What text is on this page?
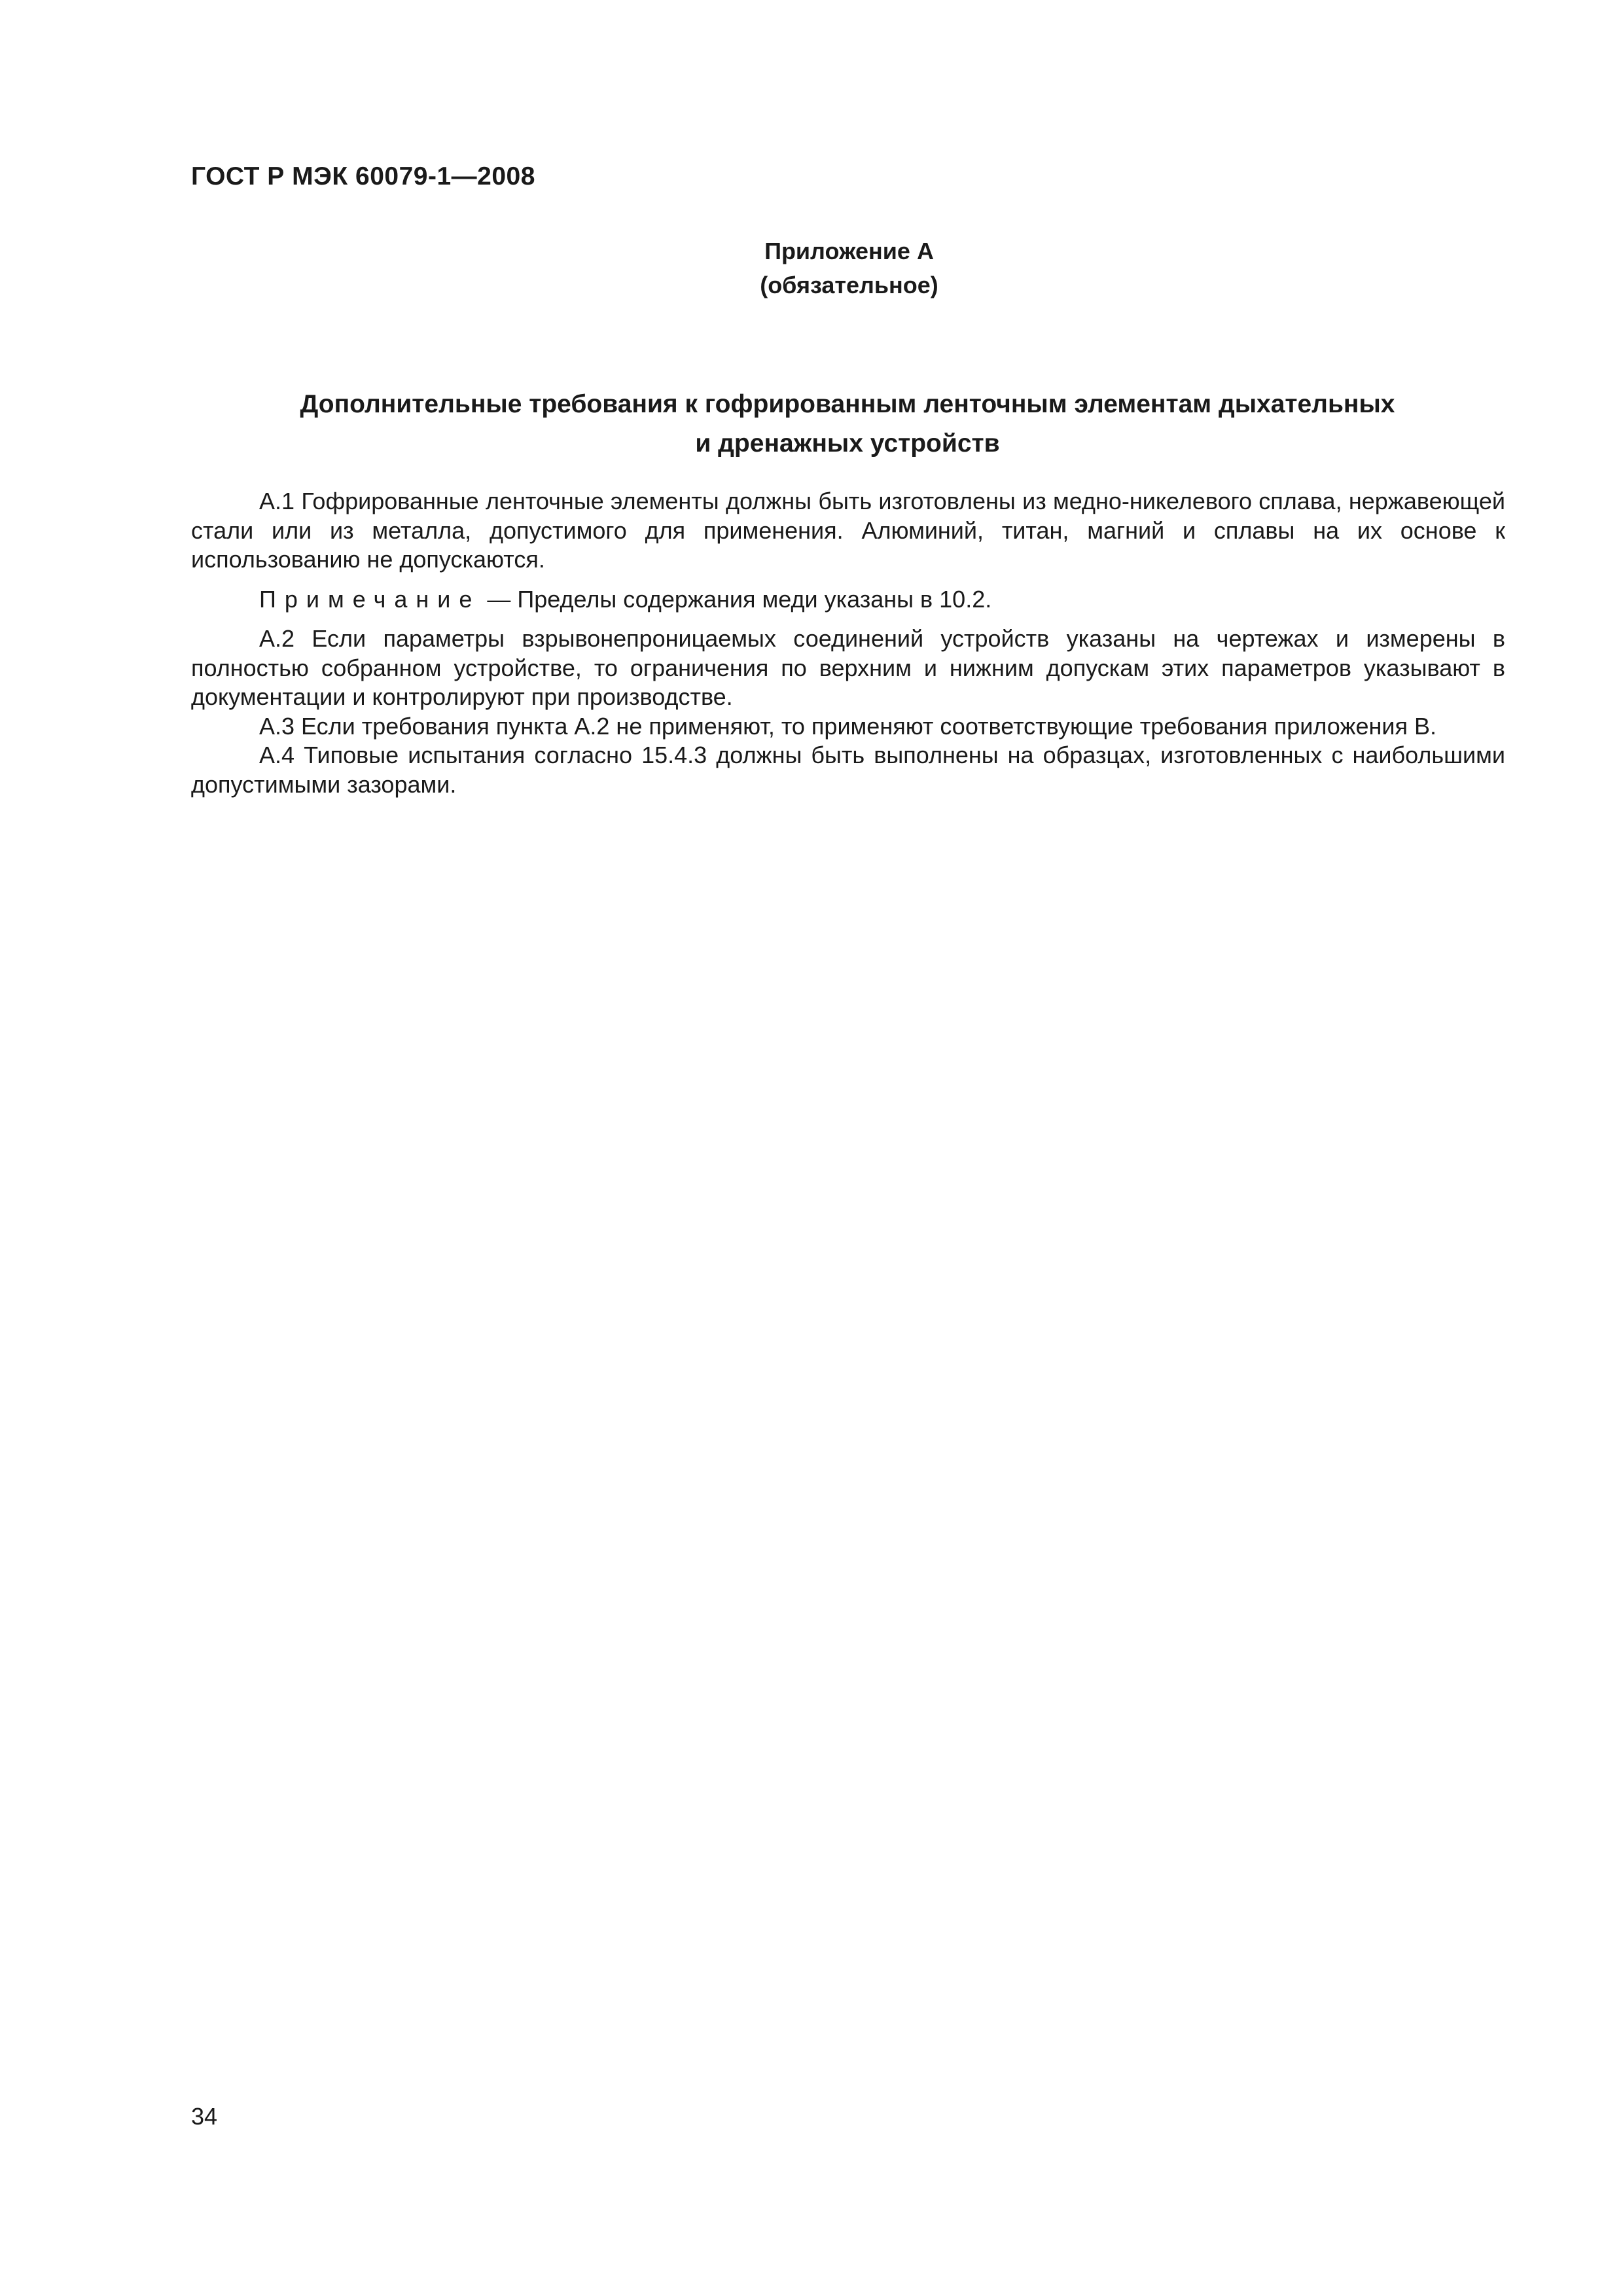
ГОСТ Р МЭК 60079-1—2008
Приложение А
(обязательное)
Дополнительные требования к гофрированным ленточным элементам дыхательных
и дренажных устройств

А.1 Гофрированные ленточные элементы должны быть изготовлены из медно-никелевого сплава, нержавеющей стали или из металла, допустимого для применения. Алюминий, титан, магний и сплавы на их основе к использованию не допускаются.

Примечание — Пределы содержания меди указаны в 10.2.

А.2 Если параметры взрывонепроницаемых соединений устройств указаны на чертежах и измерены в полностью собранном устройстве, то ограничения по верхним и нижним допускам этих параметров указывают в документации и контролируют при производстве.

А.3 Если требования пункта А.2 не применяют, то применяют соответствующие требования приложения В.

А.4 Типовые испытания согласно 15.4.3 должны быть выполнены на образцах, изготовленных с наибольшими допустимыми зазорами.

34
